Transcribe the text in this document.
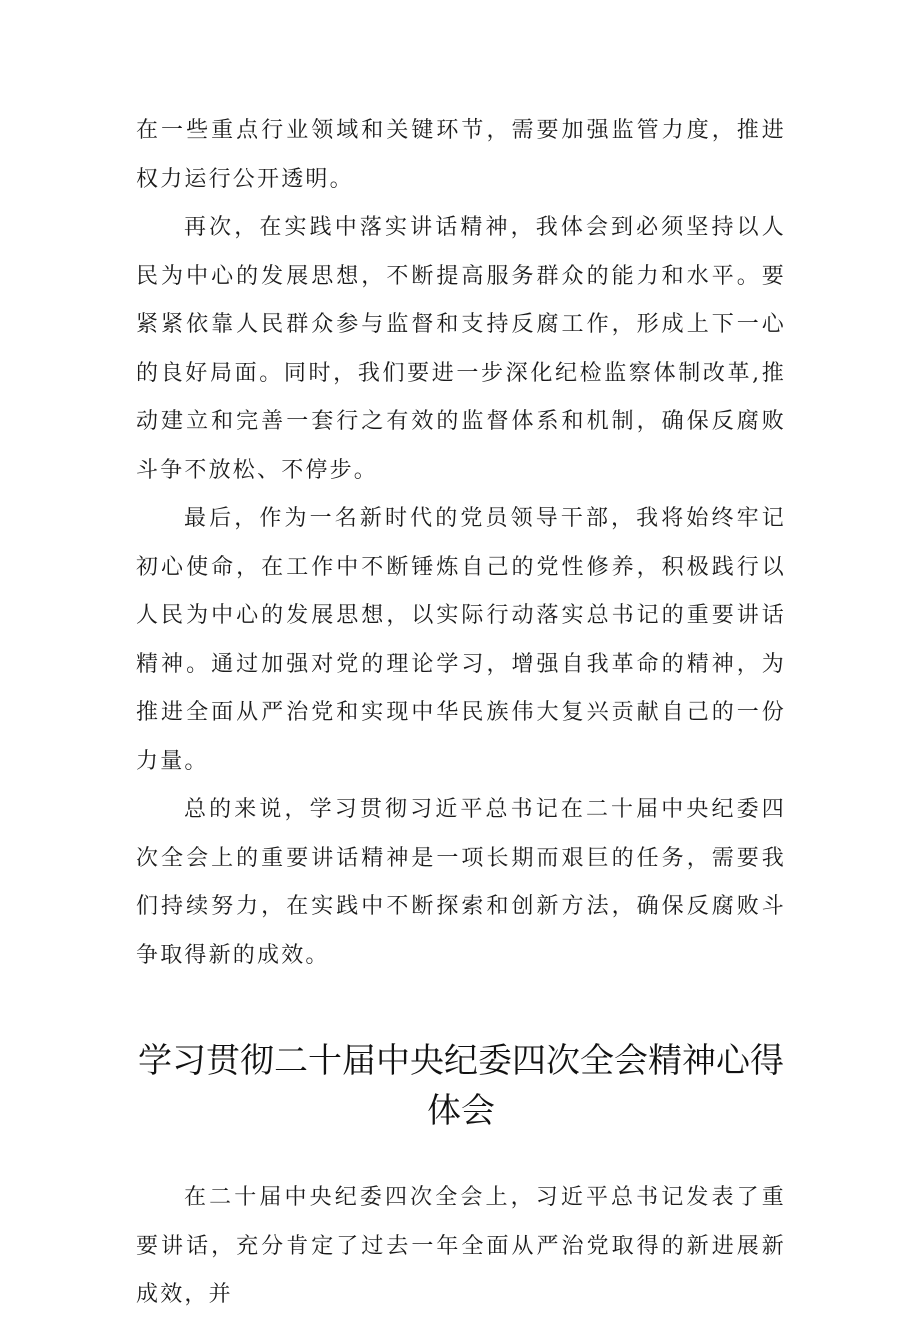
在一些重点行业领域和关键环节，需要加强监管力度，推进权力运行公开透明。

再次，在实践中落实讲话精神，我体会到必须坚持以人民为中心的发展思想，不断提高服务群众的能力和水平。要紧紧依靠人民群众参与监督和支持反腐工作，形成上下一心的良好局面。同时，我们要进一步深化纪检监察体制改革,推动建立和完善一套行之有效的监督体系和机制，确保反腐败斗争不放松、不停步。

最后，作为一名新时代的党员领导干部，我将始终牢记初心使命，在工作中不断锤炼自己的党性修养，积极践行以人民为中心的发展思想，以实际行动落实总书记的重要讲话精神。通过加强对党的理论学习，增强自我革命的精神，为推进全面从严治党和实现中华民族伟大复兴贡献自己的一份力量。

总的来说，学习贯彻习近平总书记在二十届中央纪委四次全会上的重要讲话精神是一项长期而艰巨的任务，需要我们持续努力，在实践中不断探索和创新方法，确保反腐败斗争取得新的成效。

学习贯彻二十届中央纪委四次全会精神心得体会

在二十届中央纪委四次全会上，习近平总书记发表了重要讲话，充分肯定了过去一年全面从严治党取得的新进展新成效，并
